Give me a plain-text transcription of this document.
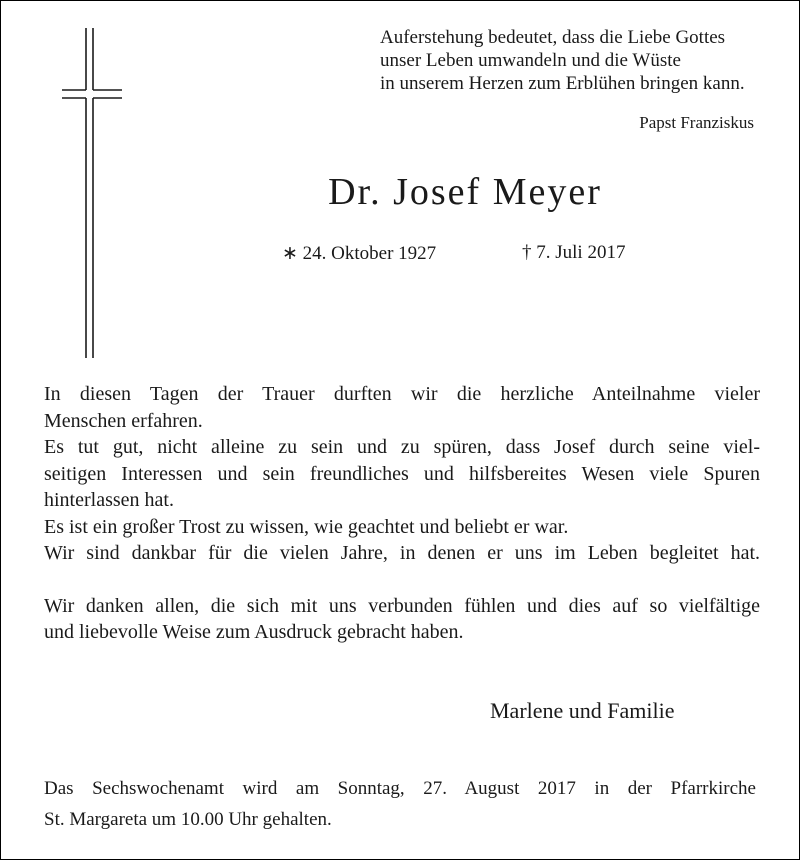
Auferstehung bedeutet, dass die Liebe Gottes
unser Leben umwandeln und die Wüste
in unserem Herzen zum Erblühen bringen kann.
Papst Franziskus
Dr. Josef Meyer
∗ 24. Oktober 1927	† 7. Juli 2017

In diesen Tagen der Trauer durften wir die herzliche Anteilnahme vieler

Menschen erfahren.

Es tut gut, nicht alleine zu sein und zu spüren, dass Josef durch seine viel-

seitigen Interessen und sein freundliches und hilfsbereites Wesen viele Spuren

hinterlassen hat.

Es ist ein großer Trost zu wissen, wie geachtet und beliebt er war.

Wir sind dankbar für die vielen Jahre, in denen er uns im Leben begleitet hat.

Wir danken allen, die sich mit uns verbunden fühlen und dies auf so vielfältige

und liebevolle Weise zum Ausdruck gebracht haben.

Marlene und Familie

Das Sechswochenamt wird am Sonntag, 27. August 2017 in der Pfarrkirche

St. Margareta um 10.00 Uhr gehalten.
